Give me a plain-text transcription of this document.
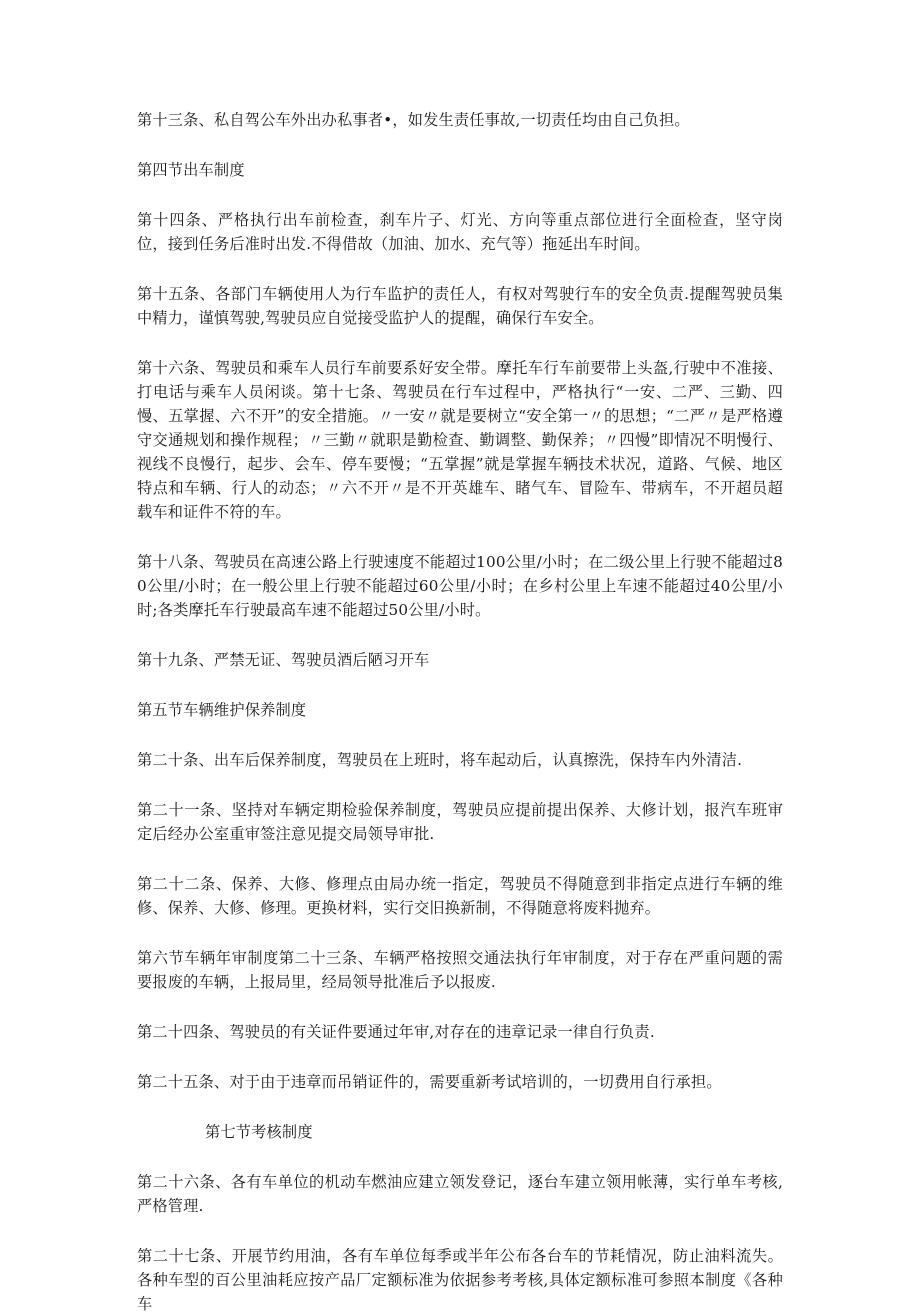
第十三条、私自驾公车外出办私事者•，如发生责任事故,一切责任均由自己负担。

第四节出车制度

第十四条、严格执行出车前检查，刹车片子、灯光、方向等重点部位进行全面检查，坚守岗位，接到任务后准时出发.不得借故（加油、加水、充气等）拖延出车时间。

第十五条、各部门车辆使用人为行车监护的责任人，有权对驾驶行车的安全负责.提醒驾驶员集中精力，谨慎驾驶,驾驶员应自觉接受监护人的提醒，确保行车安全。

第十六条、驾驶员和乘车人员行车前要系好安全带。摩托车行车前要带上头盔,行驶中不准接、打电话与乘车人员闲谈。第十七条、驾驶员在行车过程中，严格执行“一安、二严、三勤、四慢、五掌握、六不开”的安全措施。〃一安〃就是要树立“安全第一〃的思想；“二严〃是严格遵守交通规划和操作规程；〃三勤〃就职是勤检查、勤调整、勤保养；〃四慢”即情况不明慢行、视线不良慢行，起步、会车、停车要慢；“五掌握”就是掌握车辆技术状况，道路、气候、地区特点和车辆、行人的动态；〃六不开〃是不开英雄车、睹气车、冒险车、带病车，不开超员超载车和证件不符的车。

第十八条、驾驶员在高速公路上行驶速度不能超过100公里/小时；在二级公里上行驶不能超过80公里/小时；在一般公里上行驶不能超过60公里/小时；在乡村公里上车速不能超过40公里/小时;各类摩托车行驶最高车速不能超过50公里/小时。

第十九条、严禁无证、驾驶员酒后陋习开车

第五节车辆维护保养制度

第二十条、出车后保养制度，驾驶员在上班时，将车起动后，认真擦洗，保持车内外清洁.

第二十一条、坚持对车辆定期检验保养制度，驾驶员应提前提出保养、大修计划，报汽车班审定后经办公室重审签注意见提交局领导审批.

第二十二条、保养、大修、修理点由局办统一指定，驾驶员不得随意到非指定点进行车辆的维修、保养、大修、修理。更换材料，实行交旧换新制，不得随意将废料抛弃。

第六节车辆年审制度第二十三条、车辆严格按照交通法执行年审制度，对于存在严重问题的需要报废的车辆，上报局里，经局领导批准后予以报废.

第二十四条、驾驶员的有关证件要通过年审,对存在的违章记录一律自行负责.

第二十五条、对于由于违章而吊销证件的，需要重新考试培训的，一切费用自行承担。

第七节考核制度

第二十六条、各有车单位的机动车燃油应建立领发登记，逐台车建立领用帐薄，实行单车考核,严格管理.

第二十七条、开展节约用油，各有车单位每季或半年公布各台车的节耗情况，防止油料流失。各种车型的百公里油耗应按产品厂定额标准为依据参考考核,具体定额标准可参照本制度《各种车
